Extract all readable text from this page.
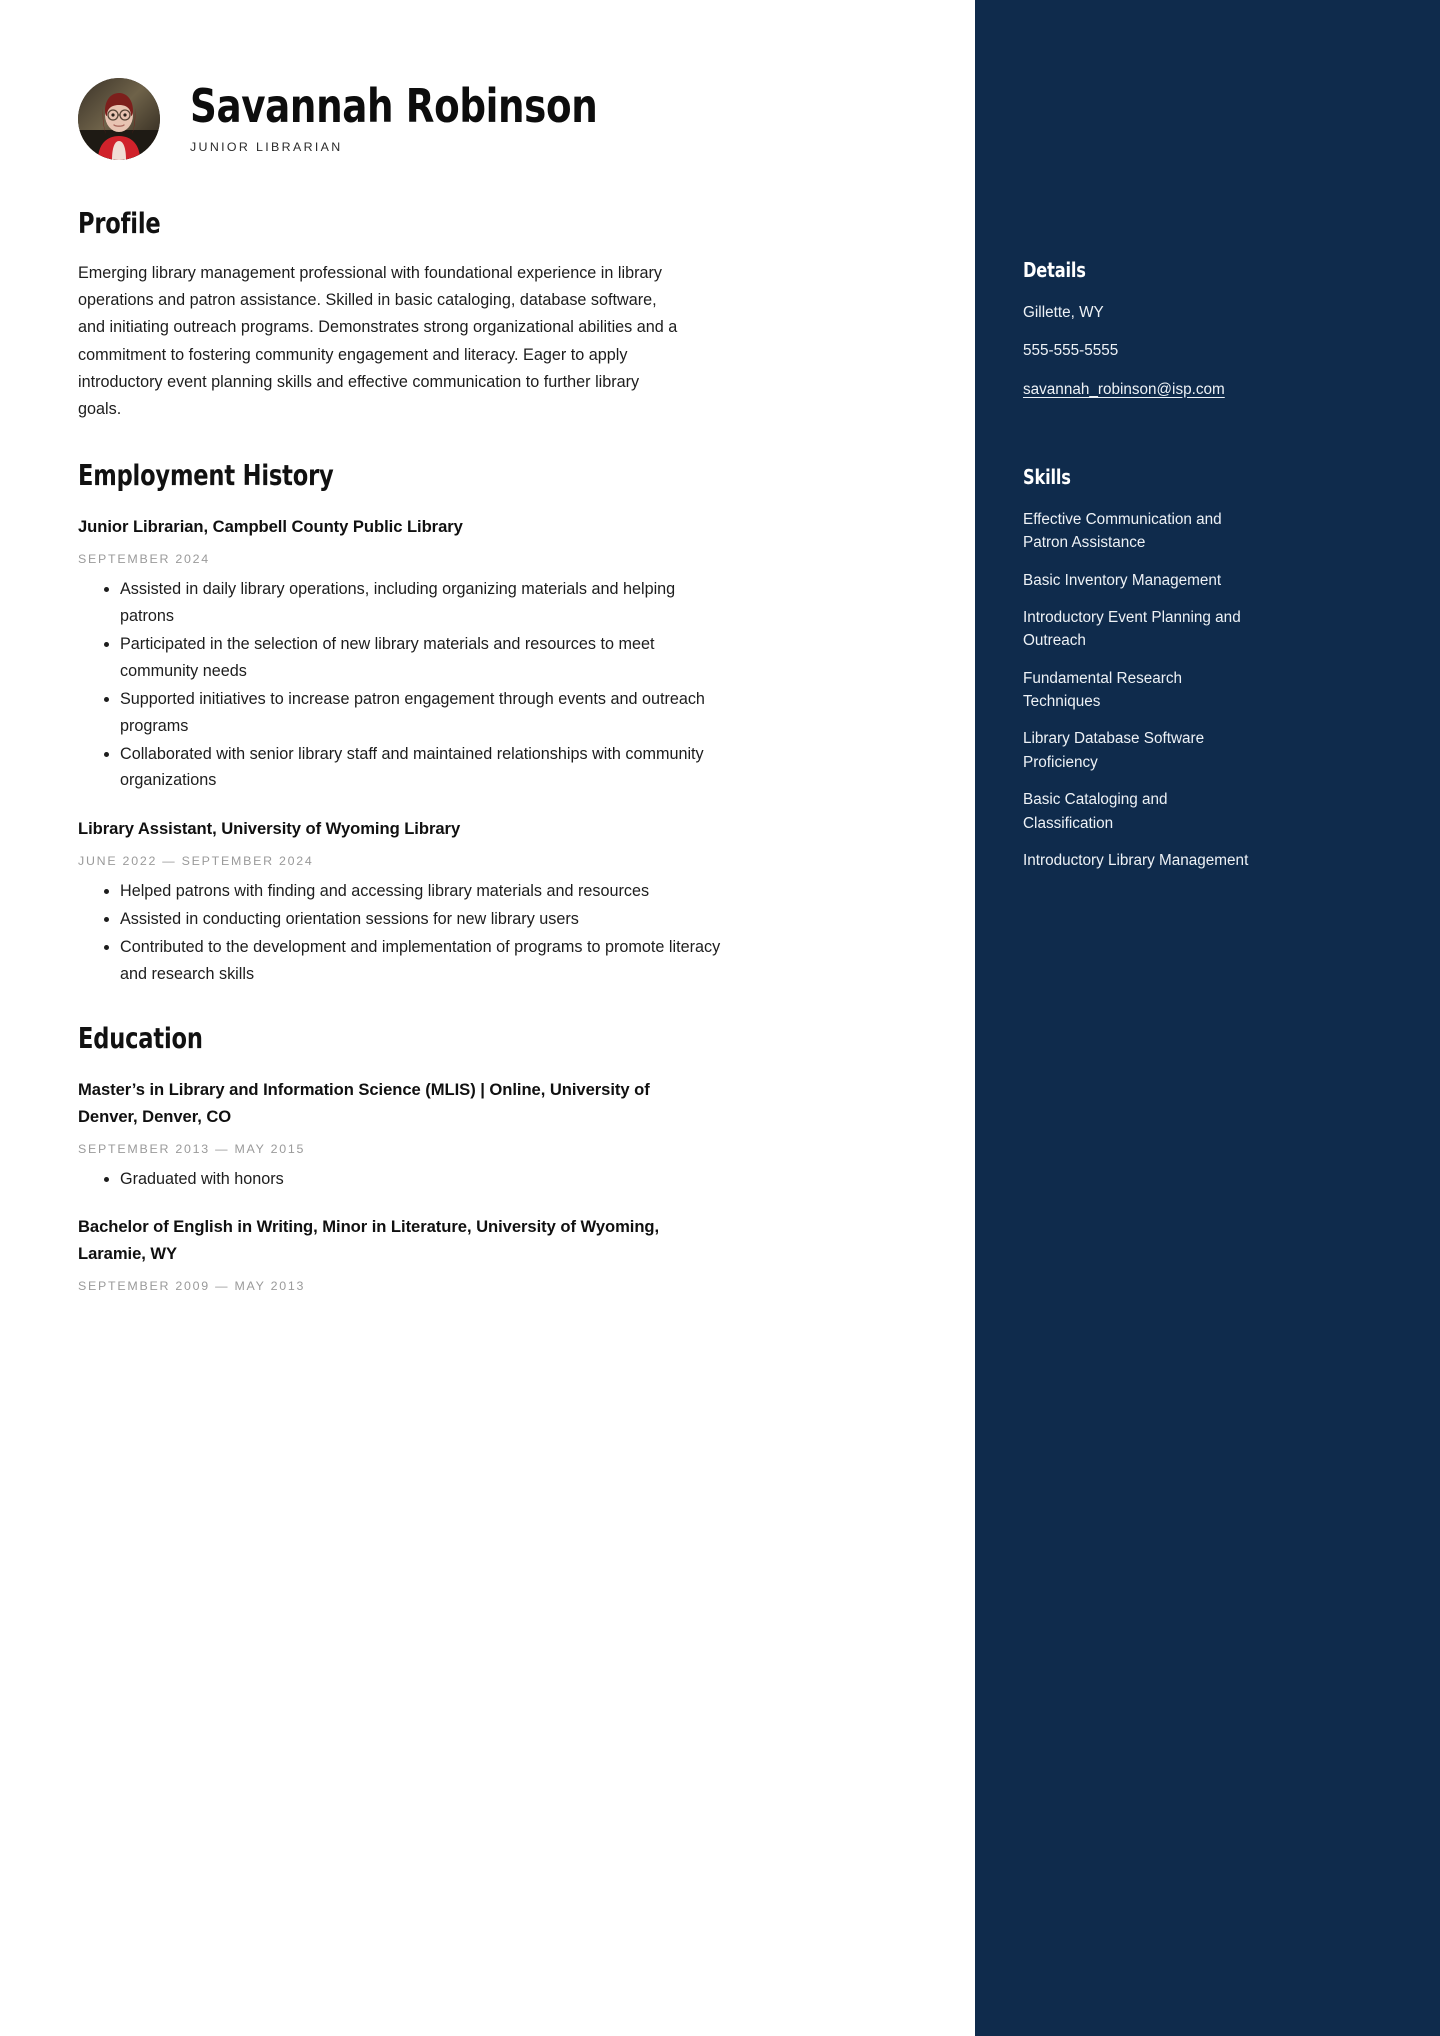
Savannah Robinson
JUNIOR LIBRARIAN
Profile

Emerging library management professional with foundational experience in library operations and patron assistance. Skilled in basic cataloging, database software, and initiating outreach programs. Demonstrates strong organizational abilities and a commitment to fostering community engagement and literacy. Eager to apply introductory event planning skills and effective communication to further library goals.

Employment History
Junior Librarian, Campbell County Public Library
SEPTEMBER 2024
Assisted in daily library operations, including organizing materials and helping patrons
Participated in the selection of new library materials and resources to meet community needs
Supported initiatives to increase patron engagement through events and outreach programs
Collaborated with senior library staff and maintained relationships with community organizations
Library Assistant, University of Wyoming Library
JUNE 2022 — SEPTEMBER 2024
Helped patrons with finding and accessing library materials and resources
Assisted in conducting orientation sessions for new library users
Contributed to the development and implementation of programs to promote literacy and research skills
Education
Master’s in Library and Information Science (MLIS) | Online, University of Denver, Denver, CO
SEPTEMBER 2013 — MAY 2015
Graduated with honors
Bachelor of English in Writing, Minor in Literature, University of Wyoming, Laramie, WY
SEPTEMBER 2009 — MAY 2013
Details
Gillette, WY
555-555-5555
savannah_robinson@isp.com
Skills
Effective Communication and Patron Assistance
Basic Inventory Management
Introductory Event Planning and Outreach
Fundamental Research Techniques
Library Database Software Proficiency
Basic Cataloging and Classification
Introductory Library Management
